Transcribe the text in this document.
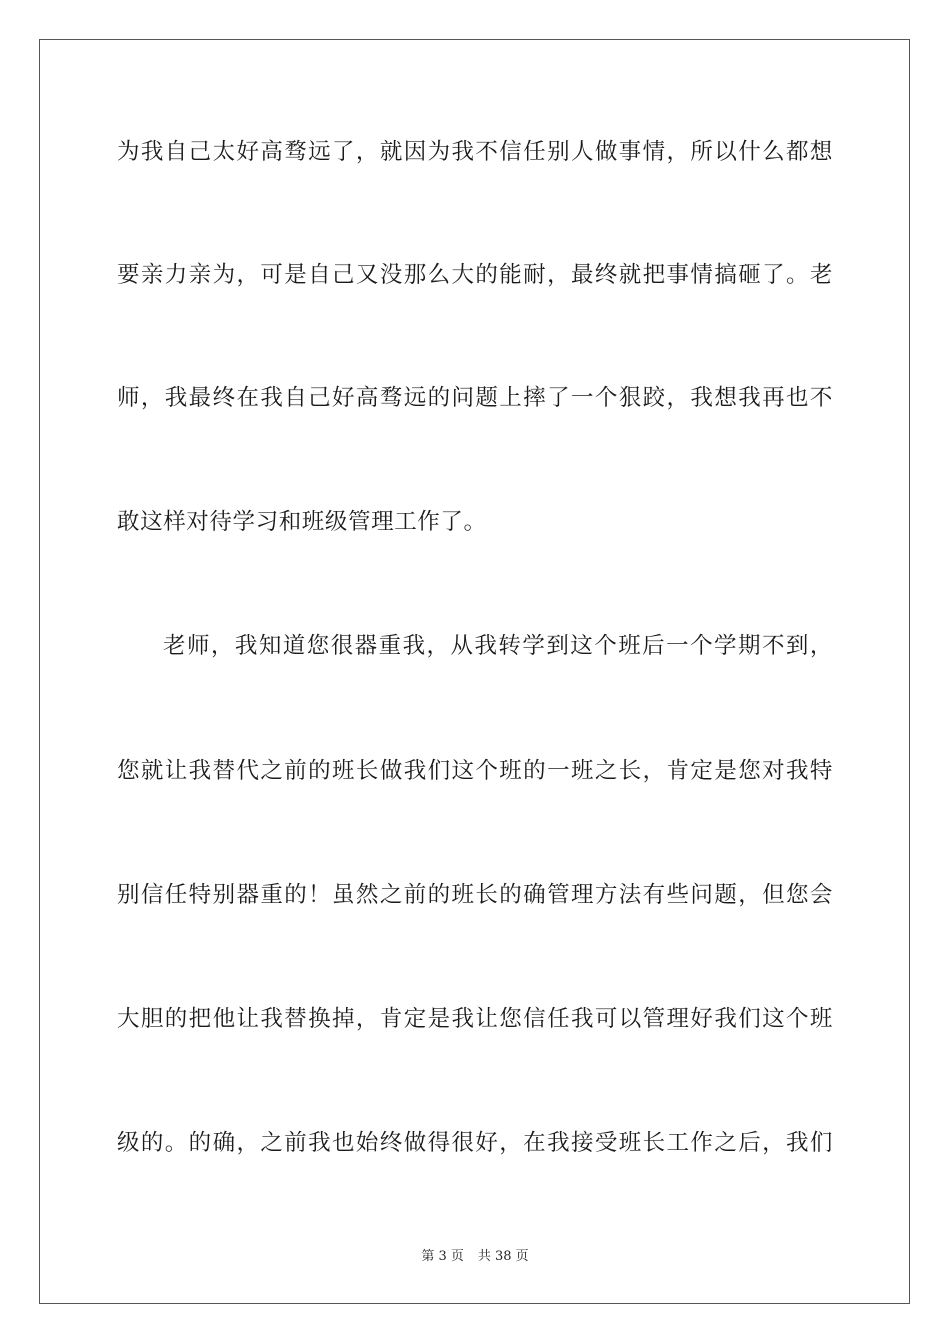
为我自己太好高骛远了，就因为我不信任别人做事情，所以什么都想
要亲力亲为，可是自己又没那么大的能耐，最终就把事情搞砸了。老
师，我最终在我自己好高骛远的问题上摔了一个狠跤，我想我再也不
敢这样对待学习和班级管理工作了。
老师，我知道您很器重我，从我转学到这个班后一个学期不到，
您就让我替代之前的班长做我们这个班的一班之长，肯定是您对我特
别信任特别器重的！虽然之前的班长的确管理方法有些问题，但您会
大胆的把他让我替换掉，肯定是我让您信任我可以管理好我们这个班
级的。的确，之前我也始终做得很好，在我接受班长工作之后，我们
第 3 页 共 38 页
